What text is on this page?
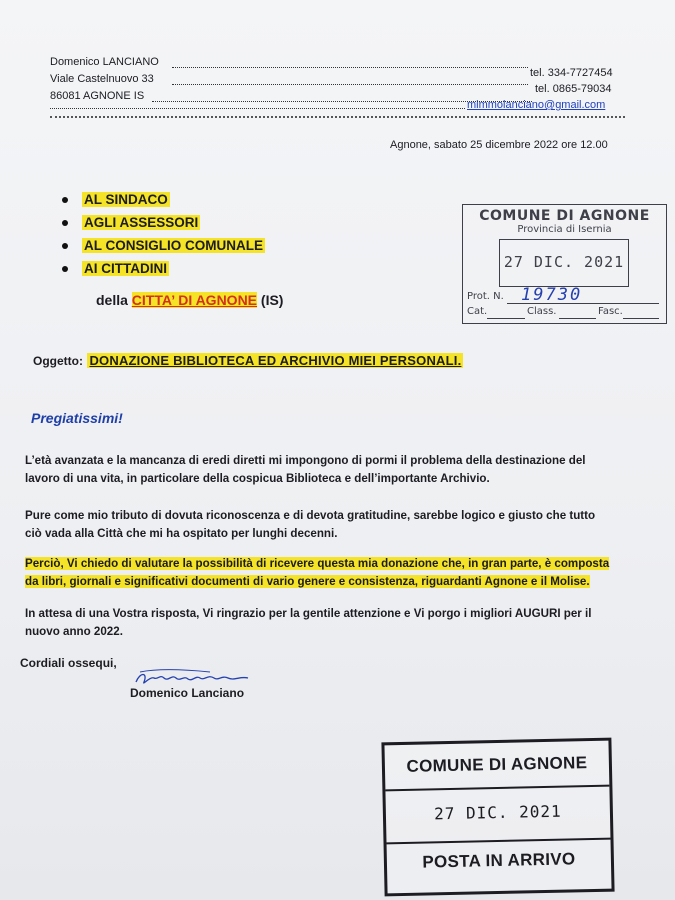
Domenico LANCIANO
Viale Castelnuovo 33	tel. 334-7727454
86081 AGNONE IS
tel. 0865-79034
mimmolanciano@gmail.com
Agnone, sabato 25 dicembre 2022 ore 12.00
AL SINDACO
AGLI ASSESSORI
AL CONSIGLIO COMUNALE
AI CITTADINI
della CITTA’ DI AGNONE (IS)
COMUNE DI AGNONE
Provincia di Isernia
27 DIC. 2021
Prot. N. 19730
Cat.	Class.	Fasc.
Oggetto: DONAZIONE BIBLIOTECA ED ARCHIVIO MIEI PERSONALI.
Pregiatissimi!
L’età avanzata e la mancanza di eredi diretti mi impongono di pormi il problema della destinazione del
lavoro di una vita, in particolare della cospicua Biblioteca e dell’importante Archivio.
Pure come mio tributo di dovuta riconoscenza e di devota gratitudine, sarebbe logico e giusto che tutto
ciò vada alla Città che mi ha ospitato per lunghi decenni.
Perciò, Vi chiedo di valutare la possibilità di ricevere questa mia donazione che, in gran parte, è composta
da libri, giornali e significativi documenti di vario genere e consistenza, riguardanti Agnone e il Molise.
In attesa di una Vostra risposta, Vi ringrazio per la gentile attenzione e Vi porgo i migliori AUGURI per il
nuovo anno 2022.
Cordiali ossequi,
Domenico Lanciano
COMUNE DI AGNONE
27 DIC. 2021
POSTA IN ARRIVO
